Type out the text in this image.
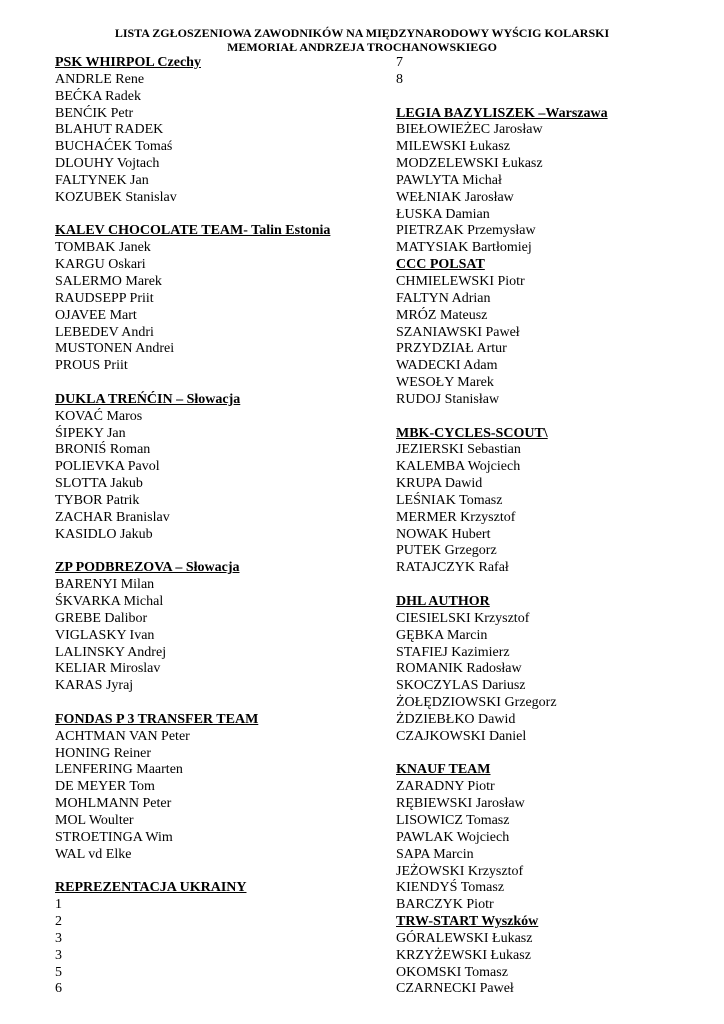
LISTA ZGŁOSZENIOWA ZAWODNIKÓW NA MIĘDZYNARODOWY WYŚCIG KOLARSKI
MEMORIAŁ ANDRZEJA TROCHANOWSKIEGO
PSK WHIRPOL Czechy
ANDRLE Rene
BEĆKA Radek
BENĆIK Petr
BLAHUT RADEK
BUCHAĆEK Tomaś
DLOUHY Vojtach
FALTYNEK Jan
KOZUBEK Stanislav
KALEV CHOCOLATE TEAM- Talin Estonia
TOMBAK Janek
KARGU Oskari
SALERMO Marek
RAUDSEPP Priit
OJAVEE Mart
LEBEDEV Andri
MUSTONEN Andrei
PROUS Priit
DUKLA TREŃĆIN – Słowacja
KOVAĆ Maros
ŚIPEKY Jan
BRONIŚ Roman
POLIEVKA Pavol
SLOTTA Jakub
TYBOR Patrik
ZACHAR Branislav
KASIDLO Jakub
ZP PODBREZOVA – Słowacja
BARENYI Milan
ŚKVARKA Michal
GREBE Dalibor
VIGLASKY Ivan
LALINSKY Andrej
KELIAR Miroslav
KARAS Jyraj
FONDAS P 3 TRANSFER TEAM
ACHTMAN VAN Peter
HONING Reiner
LENFERING Maarten
DE MEYER Tom
MOHLMANN Peter
MOL Woulter
STROETINGA Wim
WAL vd Elke
REPREZENTACJA UKRAINY
1
2
3
3
5
6
7
8
LEGIA BAZYLISZEK –Warszawa
BIEŁOWIEŻEC Jarosław
MILEWSKI Łukasz
MODZELEWSKI Łukasz
PAWLYTA Michał
WEŁNIAK Jarosław
ŁUSKA Damian
PIETRZAK Przemysław
MATYSIAK Bartłomiej
CCC POLSAT
CHMIELEWSKI Piotr
FALTYN Adrian
MRÓZ Mateusz
SZANIAWSKI Paweł
PRZYDZIAŁ Artur
WADECKI Adam
WESOŁY Marek
RUDOJ Stanisław
MBK-CYCLES-SCOUT\
JEZIERSKI Sebastian
KALEMBA Wojciech
KRUPA Dawid
LEŚNIAK Tomasz
MERMER Krzysztof
NOWAK Hubert
PUTEK Grzegorz
RATAJCZYK Rafał
DHL AUTHOR
CIESIELSKI Krzysztof
GĘBKA Marcin
STAFIEJ Kazimierz
ROMANIK Radosław
SKOCZYLAS Dariusz
ŻOŁĘDZIOWSKI Grzegorz
ŻDZIEBŁKO Dawid
CZAJKOWSKI Daniel
KNAUF TEAM
ZARADNY Piotr
RĘBIEWSKI Jarosław
LISOWICZ Tomasz
PAWLAK Wojciech
SAPA Marcin
JEŻOWSKI Krzysztof
KIENDYŚ Tomasz
BARCZYK Piotr
TRW-START Wyszków
GÓRALEWSKI Łukasz
KRZYŻEWSKI Łukasz
OKOMSKI Tomasz
CZARNECKI Paweł
